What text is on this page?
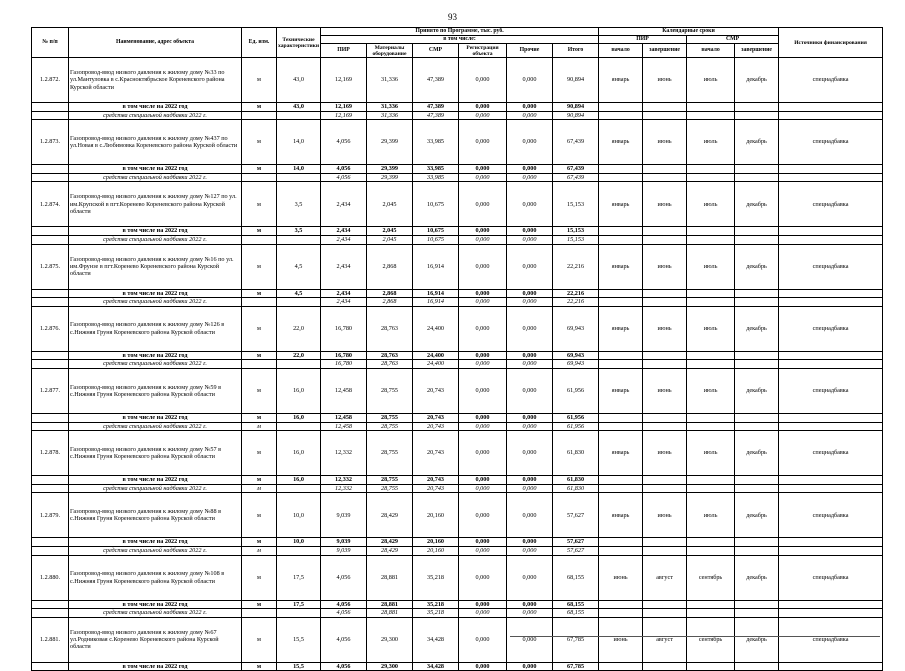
93
№ п/п	Наименование, адрес объекта	Ед. изм.	Технические характеристики	Принято по Программе, тыс. руб.						Календарные сроки				Источники финансирования
				в том числе:						ПИР		СМР		
				ПИР	Материалы оборудование	СМР	Регистрация объекта	Прочие	Итого	начало	завершение	начало	завершение	
1.2.872.	Газопровод-ввод низкого давления к жилому дому №33 по ул.Мантуловка в с.Красноктябрьское Кореневского района Курской области	м	43,0	12,169	31,336	47,389	0,000	0,000	90,894	январь	июнь	июль	декабрь	спецнадбавка
	в том числе на 2022 год	м	43,0	12,169	31,336	47,389	0,000	0,000	90,894					
	средства специальной надбавки 2022 г.			12,169	31,336	47,389	0,000	0,000	90,894					
1.2.873.	Газопровод-ввод низкого давления к жилому дому №437 по ул.Новая в с.Любимовка Кореневского района Курской области	м	14,0	4,056	29,399	33,985	0,000	0,000	67,439	январь	июнь	июль	декабрь	спецнадбавка
	в том числе на 2022 год	м	14,0	4,056	29,399	33,985	0,000	0,000	67,439					
	средства специальной надбавки 2022 г.			4,056	29,399	33,985	0,000	0,000	67,439					
1.2.874.	Газопровод-ввод низкого давления к жилому дому №127 по ул. им.Крупской в пгт.Коренево Кореневского района Курской области	м	3,5	2,434	2,045	10,675	0,000	0,000	15,153	январь	июнь	июль	декабрь	спецнадбавка
	в том числе на 2022 год	м	3,5	2,434	2,045	10,675	0,000	0,000	15,153					
	средства специальной надбавки 2022 г.			2,434	2,045	10,675	0,000	0,000	15,153					
1.2.875.	Газопровод-ввод низкого давления к жилому дому №16 по ул. им.Фрунзе в пгт.Коренево Кореневского района Курской области	м	4,5	2,434	2,868	16,914	0,000	0,000	22,216	январь	июнь	июль	декабрь	спецнадбавка
	в том числе на 2022 год	м	4,5	2,434	2,868	16,914	0,000	0,000	22,216					
	средства специальной надбавки 2022 г.			2,434	2,868	16,914	0,000	0,000	22,216					
1.2.876.	Газопровод-ввод низкого давления к жилому дому №126 в с.Нижняя Груня Кореневского района Курской области	м	22,0	16,780	28,763	24,400	0,000	0,000	69,943	январь	июнь	июль	декабрь	спецнадбавка
	в том числе на 2022 год	м	22,0	16,780	28,763	24,400	0,000	0,000	69,943					
	средства специальной надбавки 2022 г.			16,780	28,763	24,400	0,000	0,000	69,943					
1.2.877.	Газопровод-ввод низкого давления к жилому дому №59 в с.Нижняя Груня Кореневского района Курской области	м	16,0	12,458	28,755	20,743	0,000	0,000	61,956	январь	июнь	июль	декабрь	спецнадбавка
	в том числе на 2022 год	м	16,0	12,458	28,755	20,743	0,000	0,000	61,956					
	средства специальной надбавки 2022 г.	м		12,458	28,755	20,743	0,000	0,000	61,956					
1.2.878.	Газопровод-ввод низкого давления к жилому дому №57 в с.Нижняя Груня Кореневского района Курской области	м	16,0	12,332	28,755	20,743	0,000	0,000	61,830	январь	июнь	июль	декабрь	спецнадбавка
	в том числе на 2022 год	м	16,0	12,332	28,755	20,743	0,000	0,000	61,830					
	средства специальной надбавки 2022 г.	м		12,332	28,755	20,743	0,000	0,000	61,830					
1.2.879.	Газопровод-ввод низкого давления к жилому дому №88 в с.Нижняя Груня Кореневского района Курской области	м	10,0	9,039	28,429	20,160	0,000	0,000	57,627	январь	июнь	июль	декабрь	спецнадбавка
	в том числе на 2022 год	м	10,0	9,039	28,429	20,160	0,000	0,000	57,627					
	средства специальной надбавки 2022 г.	м		9,039	28,429	20,160	0,000	0,000	57,627					
1.2.880.	Газопровод-ввод низкого давления к жилому дому №108 в с.Нижняя Груня Кореневского района Курской области	м	17,5	4,056	28,881	35,218	0,000	0,000	68,155	июнь	август	сентябрь	декабрь	спецнадбавка
	в том числе на 2022 год	м	17,5	4,056	28,881	35,218	0,000	0,000	68,155					
	средства специальной надбавки 2022 г.			4,056	28,881	35,218	0,000	0,000	68,155					
1.2.881.	Газопровод-ввод низкого давления к жилому дому №67 ул.Родниковая с.Коренево Кореневского района Курской области	м	15,5	4,056	29,300	34,428	0,000	0,000	67,785	июнь	август	сентябрь	декабрь	спецнадбавка
	в том числе на 2022 год	м	15,5	4,056	29,300	34,428	0,000	0,000	67,785					
